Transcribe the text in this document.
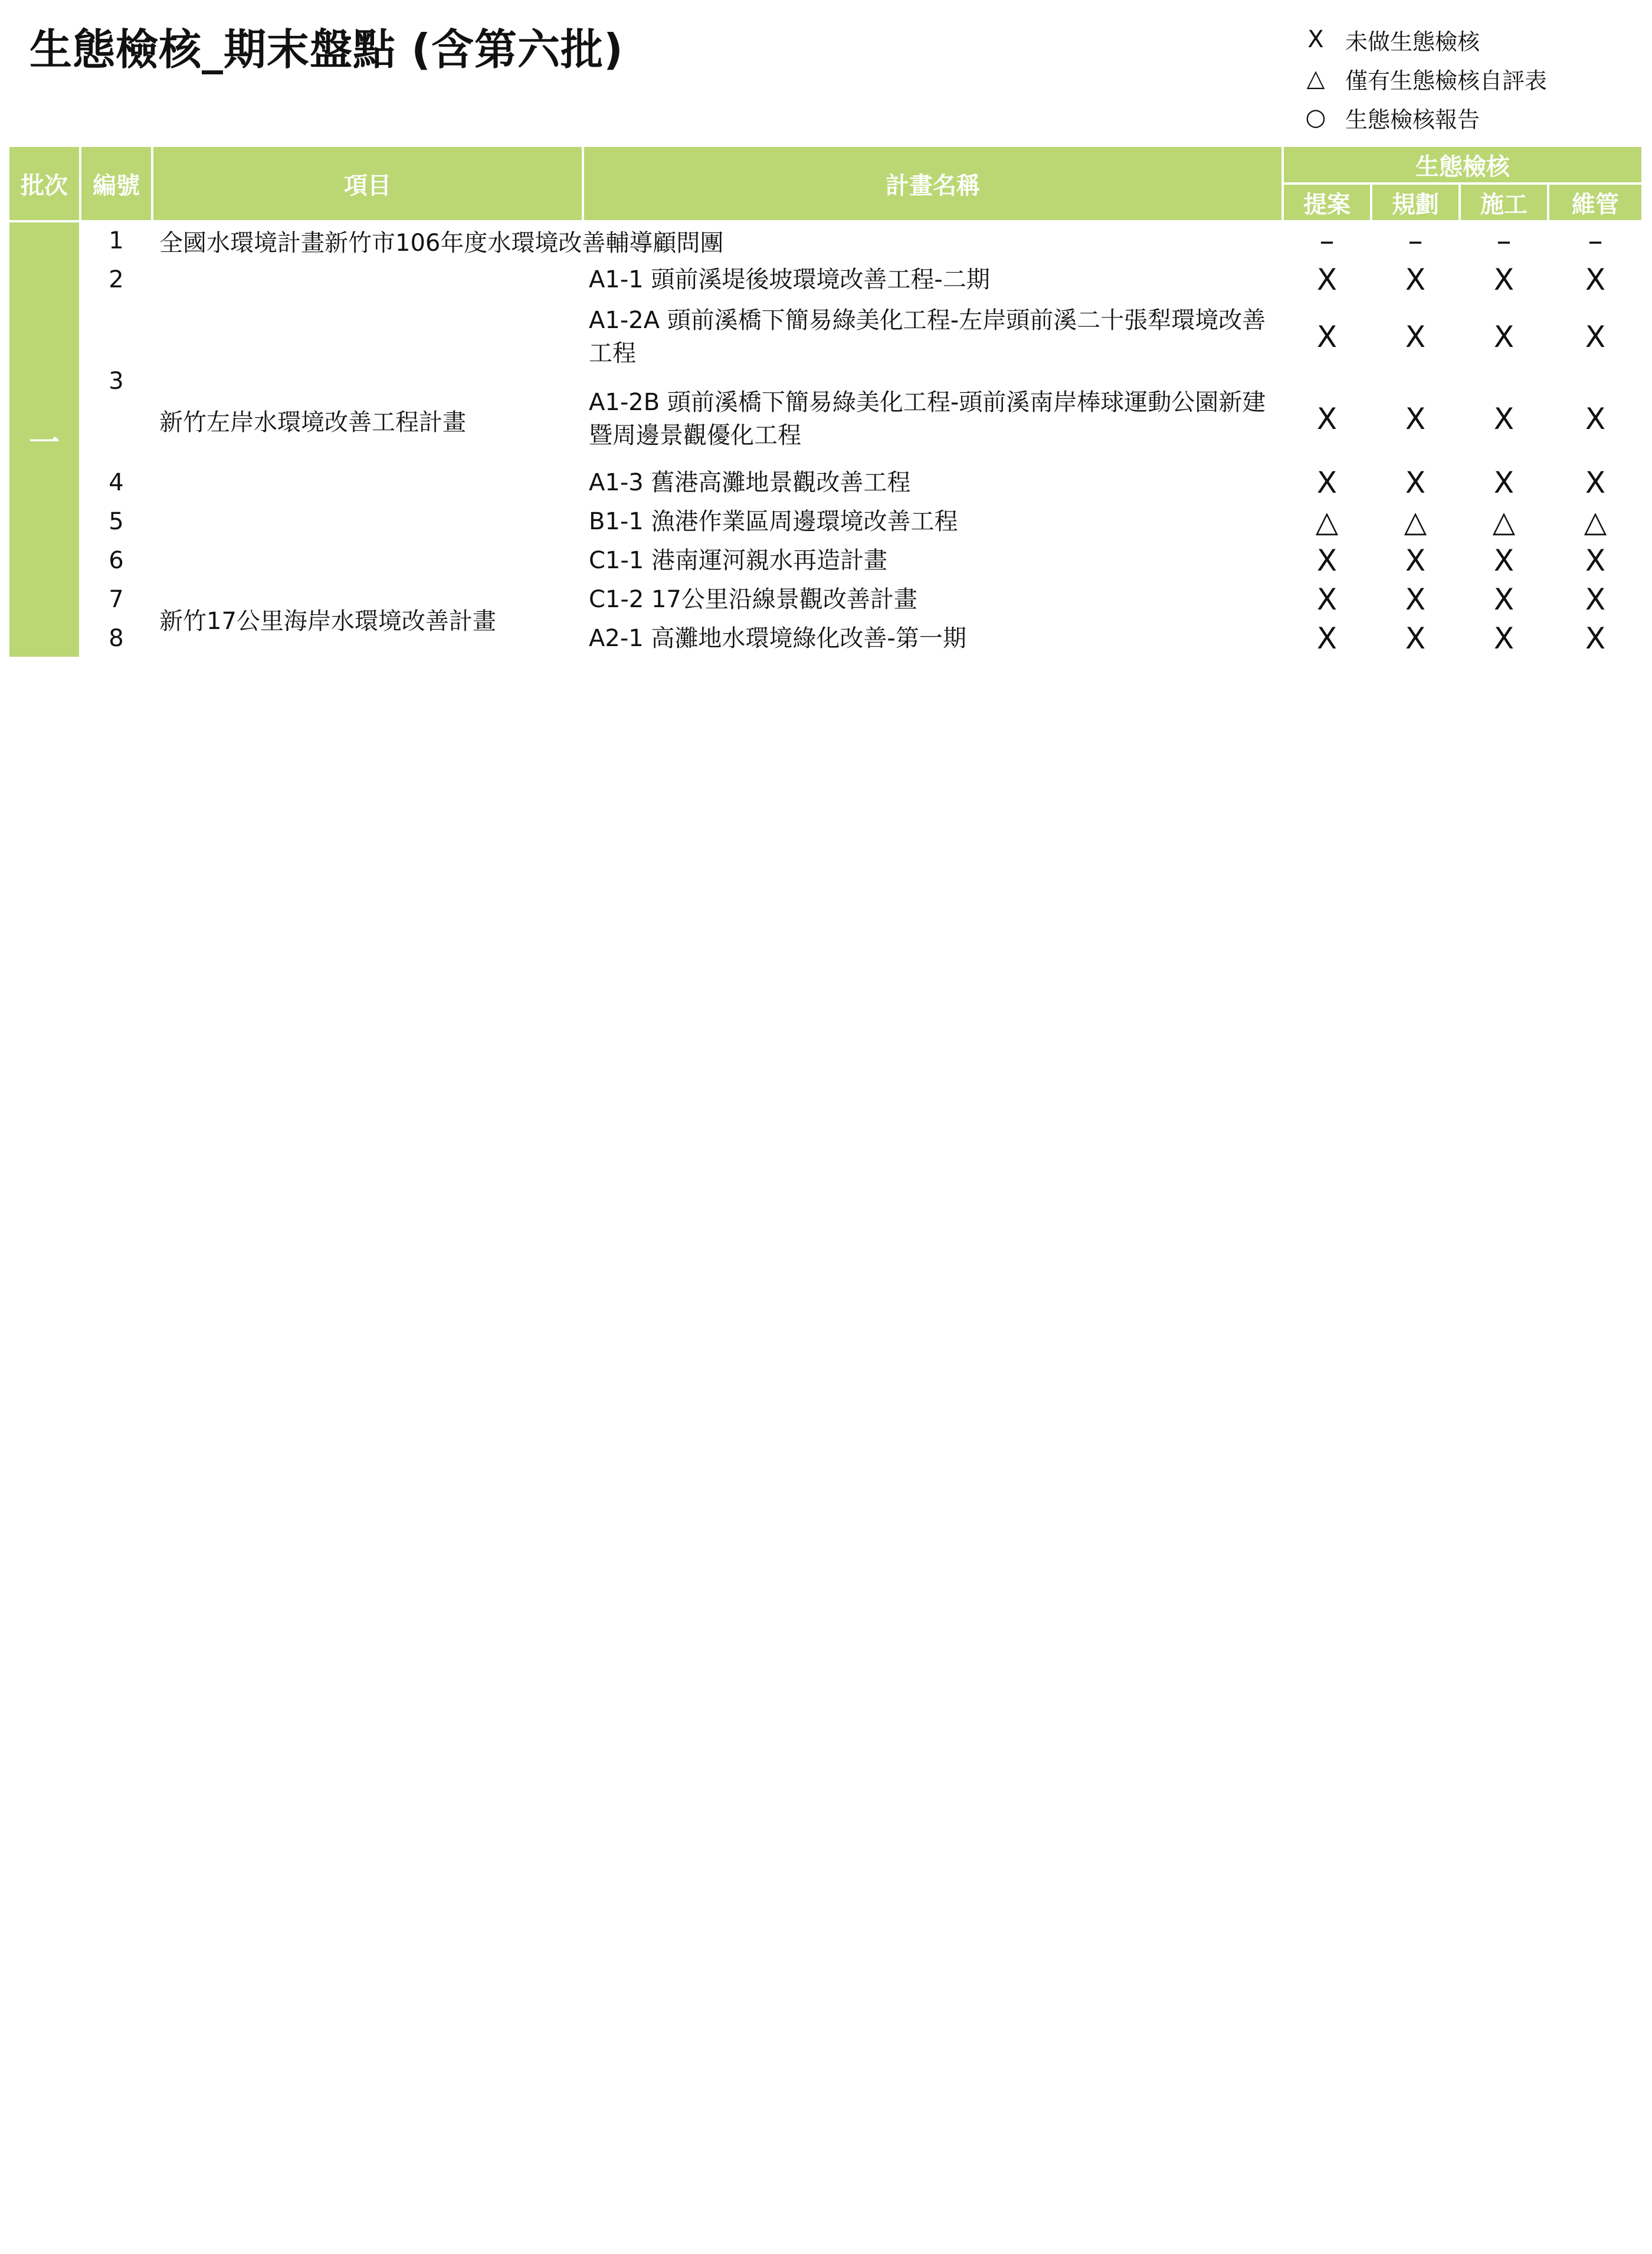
生態檢核_期末盤點 (含第六批)	X 未做生態檢核
△ 僅有生態檢核自評表
○ 生態檢核報告
批次	編號	項目	計畫名稱	生態檢核			
				提案	規劃	施工	維管
一	1	全國水環境計畫新竹市106年度水環境改善輔導顧問團		–	–	–	–
	2	新竹左岸水環境改善工程計畫	A1-1 頭前溪堤後坡環境改善工程-二期	X	X	X	X
	3		A1-2A 頭前溪橋下簡易綠美化工程-左岸頭前溪二十張犁環境改善工程	X	X	X	X
			A1-2B 頭前溪橋下簡易綠美化工程-頭前溪南岸棒球運動公園新建暨周邊景觀優化工程	X	X	X	X
	4		A1-3 舊港高灘地景觀改善工程	X	X	X	X
	5		B1-1 漁港作業區周邊環境改善工程	△	△	△	△
	6		C1-1 港南運河親水再造計畫	X	X	X	X
	7	新竹17公里海岸水環境改善計畫	C1-2 17公里沿線景觀改善計畫	X	X	X	X
	8		A2-1 高灘地水環境綠化改善-第一期	X	X	X	X
